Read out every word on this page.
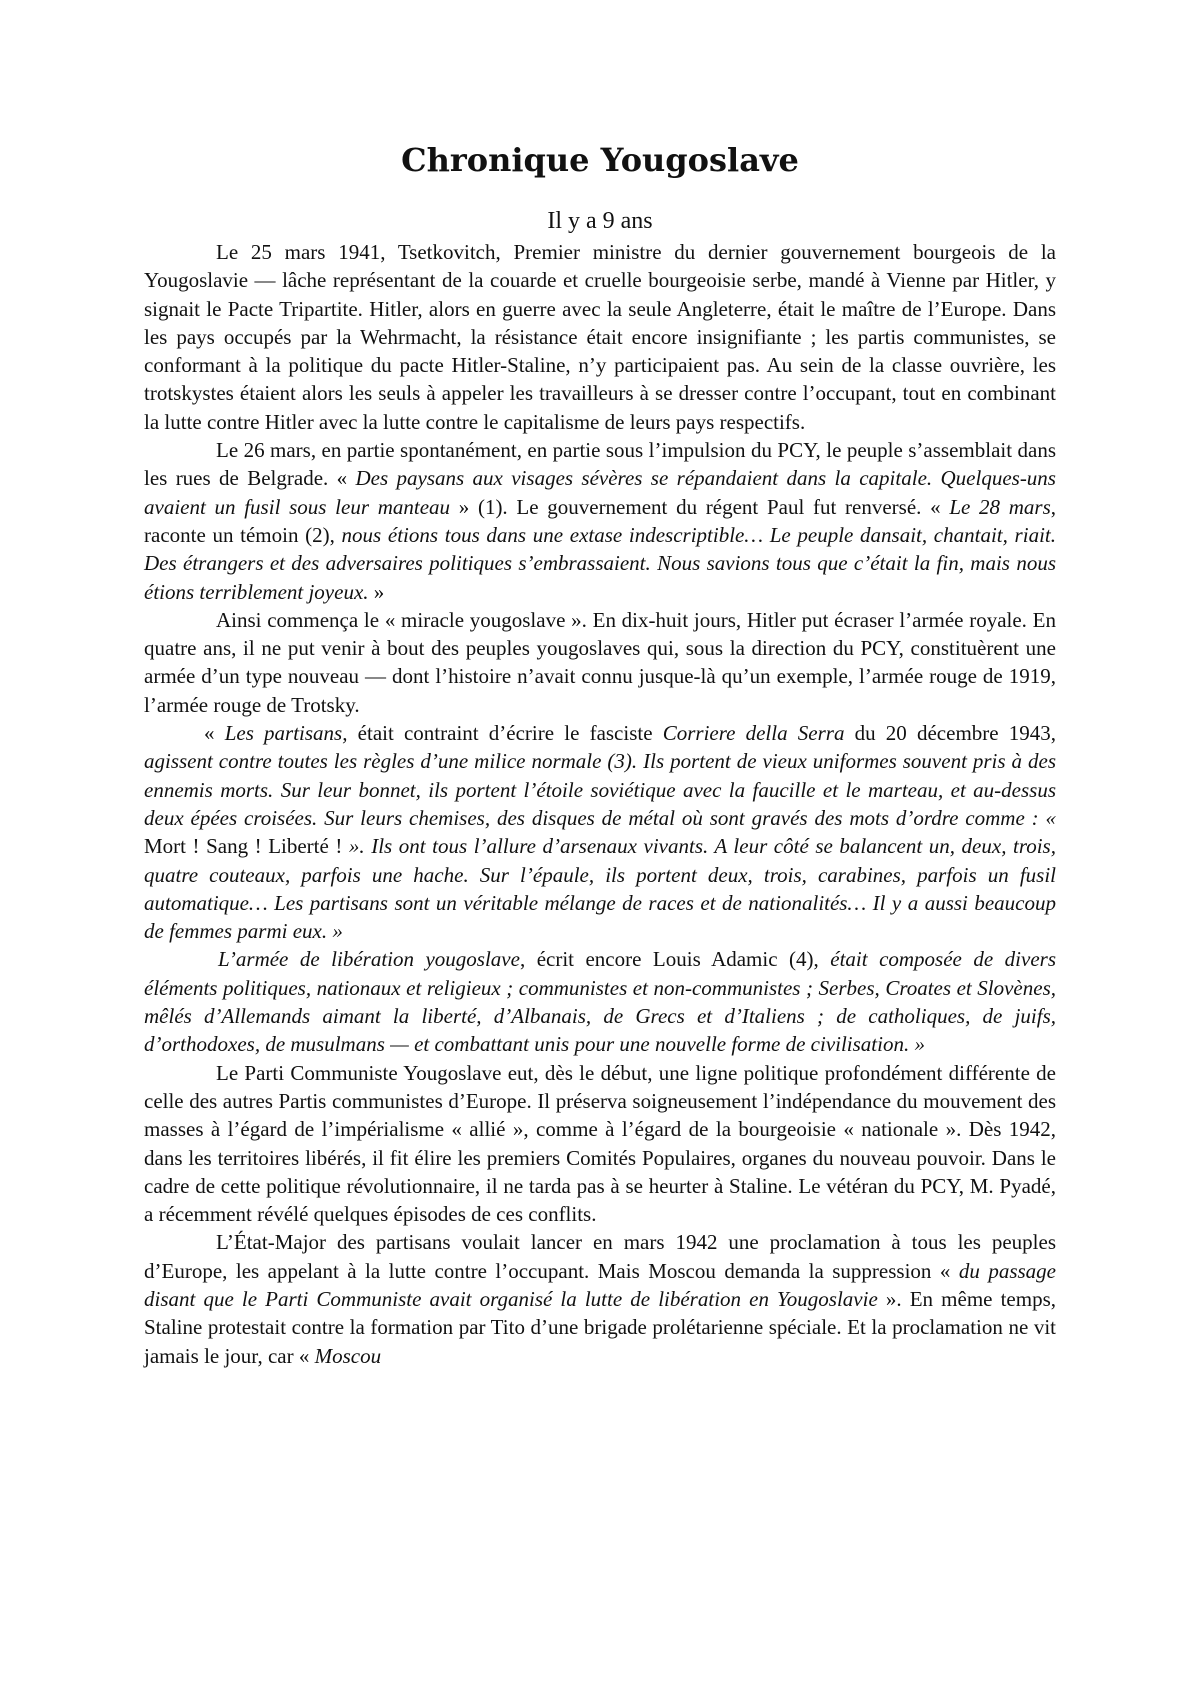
Chronique Yougoslave
Il y a 9 ans

Le 25 mars 1941, Tsetkovitch, Premier ministre du dernier gouvernement bourgeois de la Yougoslavie — lâche représentant de la couarde et cruelle bourgeoisie serbe, mandé à Vienne par Hitler, y signait le Pacte Tripartite. Hitler, alors en guerre avec la seule Angleterre, était le maître de l’Europe. Dans les pays occupés par la Wehrmacht, la résistance était encore insignifiante ; les partis communistes, se conformant à la politique du pacte Hitler-Staline, n’y participaient pas. Au sein de la classe ouvrière, les trotskystes étaient alors les seuls à appeler les travailleurs à se dresser contre l’occupant, tout en combinant la lutte contre Hitler avec la lutte contre le capitalisme de leurs pays respectifs.

Le 26 mars, en partie spontanément, en partie sous l’impulsion du PCY, le peuple s’assemblait dans les rues de Belgrade. « Des paysans aux visages sévères se répandaient dans la capitale. Quelques-uns avaient un fusil sous leur manteau » (1). Le gouvernement du régent Paul fut renversé. « Le 28 mars, raconte un témoin (2), nous étions tous dans une extase indescriptible… Le peuple dansait, chantait, riait. Des étrangers et des adversaires politiques s’embrassaient. Nous savions tous que c’était la fin, mais nous étions terriblement joyeux. »

Ainsi commença le « miracle yougoslave ». En dix-huit jours, Hitler put écraser l’armée royale. En quatre ans, il ne put venir à bout des peuples yougoslaves qui, sous la direction du PCY, constituèrent une armée d’un type nouveau — dont l’histoire n’avait connu jusque-là qu’un exemple, l’armée rouge de 1919, l’armée rouge de Trotsky.

« Les partisans, était contraint d’écrire le fasciste Corriere della Serra du 20 décembre 1943, agissent contre toutes les règles d’une milice normale (3). Ils portent de vieux uniformes souvent pris à des ennemis morts. Sur leur bonnet, ils portent l’étoile soviétique avec la faucille et le marteau, et au-dessus deux épées croisées. Sur leurs chemises, des disques de métal où sont gravés des mots d’ordre comme : « Mort ! Sang ! Liberté ! ». Ils ont tous l’allure d’arsenaux vivants. A leur côté se balancent un, deux, trois, quatre couteaux, parfois une hache. Sur l’épaule, ils portent deux, trois, carabines, parfois un fusil automatique… Les partisans sont un véritable mélange de races et de nationalités… Il y a aussi beaucoup de femmes parmi eux. »

L’armée de libération yougoslave, écrit encore Louis Adamic (4), était composée de divers éléments politiques, nationaux et religieux ; communistes et non-communistes ; Serbes, Croates et Slovènes, mêlés d’Allemands aimant la liberté, d’Albanais, de Grecs et d’Italiens ; de catholiques, de juifs, d’orthodoxes, de musulmans — et combattant unis pour une nouvelle forme de civilisation. »

Le Parti Communiste Yougoslave eut, dès le début, une ligne politique profondément différente de celle des autres Partis communistes d’Europe. Il préserva soigneusement l’indépendance du mouvement des masses à l’égard de l’impérialisme « allié », comme à l’égard de la bourgeoisie « nationale ». Dès 1942, dans les territoires libérés, il fit élire les premiers Comités Populaires, organes du nouveau pouvoir. Dans le cadre de cette politique révolutionnaire, il ne tarda pas à se heurter à Staline. Le vétéran du PCY, M. Pyadé, a récemment révélé quelques épisodes de ces conflits.

L’État-Major des partisans voulait lancer en mars 1942 une proclamation à tous les peuples d’Europe, les appelant à la lutte contre l’occupant. Mais Moscou demanda la suppression « du passage disant que le Parti Communiste avait organisé la lutte de libération en Yougoslavie ». En même temps, Staline protestait contre la formation par Tito d’une brigade prolétarienne spéciale. Et la proclamation ne vit jamais le jour, car « Moscou
